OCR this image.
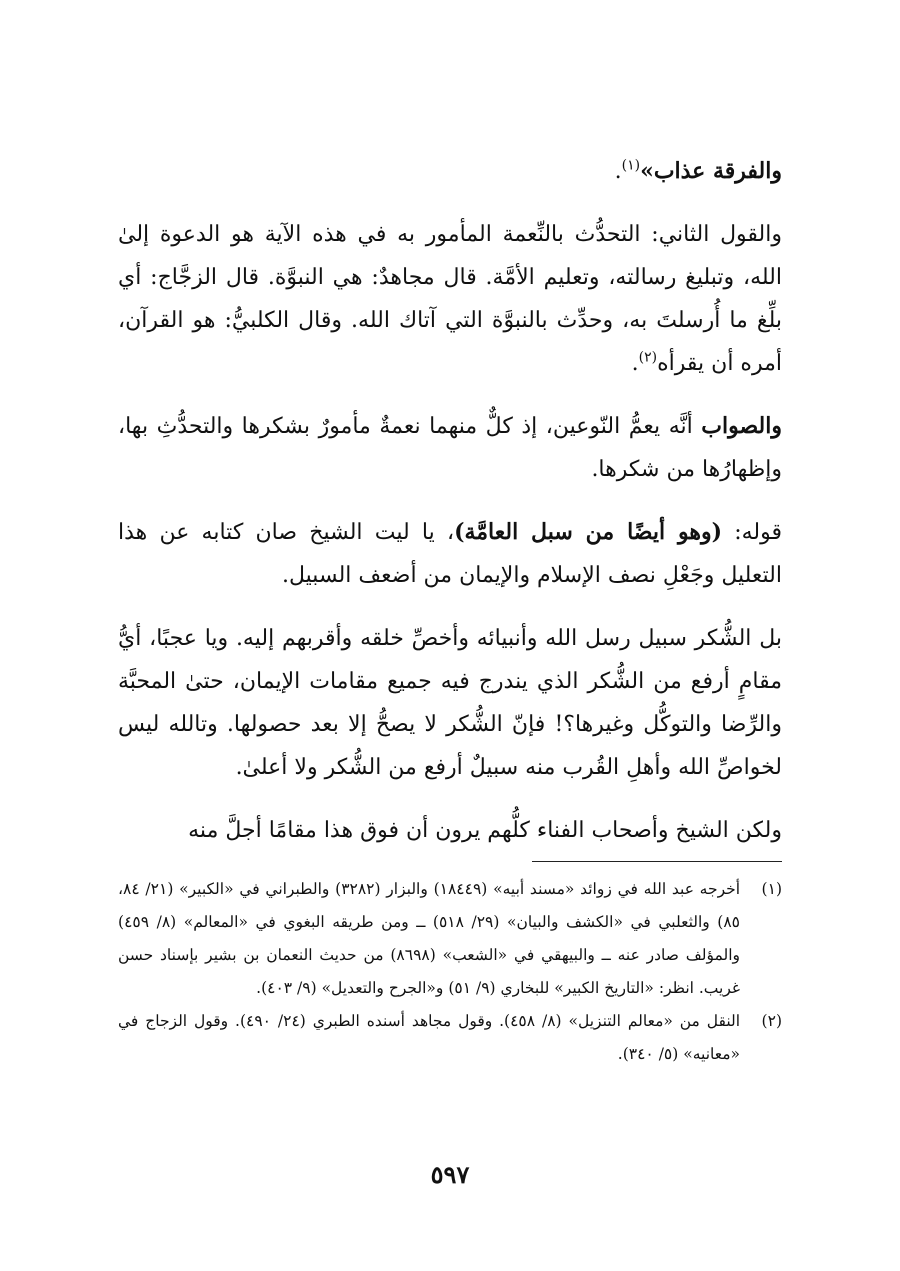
والفرقة عذاب»$^{(١)}$.

والقول الثاني: التحدُّث بالنِّعمة المأمور به في هذه الآية هو الدعوة إلىٰ الله، وتبليغ رسالته، وتعليم الأمَّة. قال مجاهدٌ: هي النبوَّة. قال الزجَّاج: أي بلِّغ ما أُرسلتَ به، وحدِّث بالنبوَّة التي آتاك الله. وقال الكلبيُّ: هو القرآن، أمره أن يقرأه$^{(٢)}$.

والصواب أنَّه يعمُّ النّوعين، إذ كلٌّ منهما نعمةٌ مأمورٌ بشكرها والتحدُّثِ بها، وإظهارُها من شكرها.

قوله: (وهو أيضًا من سبل العامَّة)، يا ليت الشيخ صان كتابه عن هذا التعليل وجَعْلِ نصف الإسلام والإيمان من أضعف السبيل.

بل الشُّكر سبيل رسل الله وأنبيائه وأخصِّ خلقه وأقربهم إليه. ويا عجبًا، أيُّ مقامٍ أرفع من الشُّكر الذي يندرج فيه جميع مقامات الإيمان، حتىٰ المحبَّة والرِّضا والتوكُّل وغيرها؟! فإنّ الشُّكر لا يصحُّ إلا بعد حصولها. وتالله ليس لخواصِّ الله وأهلِ القُرب منه سبيلٌ أرفع من الشُّكر ولا أعلىٰ.

ولكن الشيخ وأصحاب الفناء كلُّهم يرون أن فوق هذا مقامًا أجلَّ منه

(١)
أخرجه عبد الله في زوائد «مسند أبيه» (١٨٤٤٩) والبزار (٣٢٨٢) والطبراني في «الكبير» (٢١/ ٨٤، ٨٥) والثعلبي في «الكشف والبيان» (٢٩/ ٥١٨) ــ ومن طريقه البغوي في «المعالم» (٨/ ٤٥٩) والمؤلف صادر عنه ــ والبيهقي في «الشعب» (٨٦٩٨) من حديث النعمان بن بشير بإسناد حسن غريب. انظر: «التاريخ الكبير» للبخاري (٩/ ٥١) و«الجرح والتعديل» (٩/ ٤٠٣).
(٢)
النقل من «معالم التنزيل» (٨/ ٤٥٨). وقول مجاهد أسنده الطبري (٢٤/ ٤٩٠). وقول الزجاج في «معانيه» (٥/ ٣٤٠).
٥٩٧
